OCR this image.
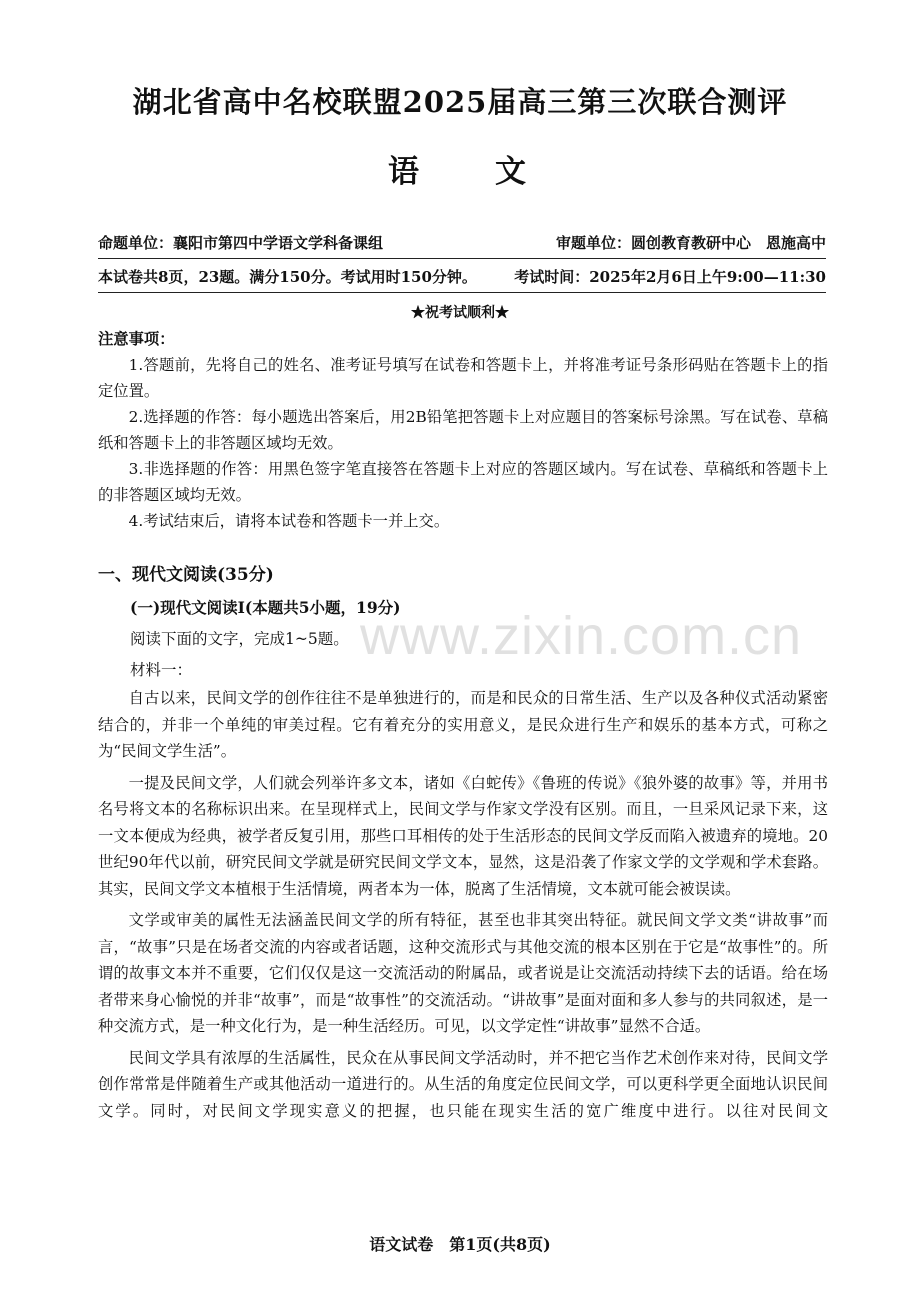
湖北省高中名校联盟2025届高三第三次联合测评
语 文
命题单位：襄阳市第四中学语文学科备课组	审题单位：圆创教育教研中心　恩施高中
本试卷共8页，23题。满分150分。考试用时150分钟。 考试时间：2025年2月6日上午9:00—11:30
★祝考试顺利★
注意事项：

1.答题前，先将自己的姓名、准考证号填写在试卷和答题卡上，并将准考证号条形码贴在答题卡上的指定位置。

2.选择题的作答：每小题选出答案后，用2B铅笔把答题卡上对应题目的答案标号涂黑。写在试卷、草稿纸和答题卡上的非答题区域均无效。

3.非选择题的作答：用黑色签字笔直接答在答题卡上对应的答题区域内。写在试卷、草稿纸和答题卡上的非答题区域均无效。

4.考试结束后，请将本试卷和答题卡一并上交。

一、现代文阅读(35分)
(一)现代文阅读Ⅰ(本题共5小题，19分)
阅读下面的文字，完成1~5题。
材料一：

自古以来，民间文学的创作往往不是单独进行的，而是和民众的日常生活、生产以及各种仪式活动紧密结合的，并非一个单纯的审美过程。它有着充分的实用意义，是民众进行生产和娱乐的基本方式，可称之为“民间文学生活”。

一提及民间文学，人们就会列举许多文本，诸如《白蛇传》《鲁班的传说》《狼外婆的故事》等，并用书名号将文本的名称标识出来。在呈现样式上，民间文学与作家文学没有区别。而且，一旦采风记录下来，这一文本便成为经典，被学者反复引用，那些口耳相传的处于生活形态的民间文学反而陷入被遗弃的境地。20世纪90年代以前，研究民间文学就是研究民间文学文本，显然，这是沿袭了作家文学的文学观和学术套路。其实，民间文学文本植根于生活情境，两者本为一体，脱离了生活情境，文本就可能会被误读。

文学或审美的属性无法涵盖民间文学的所有特征，甚至也非其突出特征。就民间文学文类“讲故事”而言，“故事”只是在场者交流的内容或者话题，这种交流形式与其他交流的根本区别在于它是“故事性”的。所谓的故事文本并不重要，它们仅仅是这一交流活动的附属品，或者说是让交流活动持续下去的话语。给在场者带来身心愉悦的并非“故事”，而是“故事性”的交流活动。“讲故事”是面对面和多人参与的共同叙述，是一种交流方式，是一种文化行为，是一种生活经历。可见，以文学定性“讲故事”显然不合适。

民间文学具有浓厚的生活属性，民众在从事民间文学活动时，并不把它当作艺术创作来对待，民间文学创作常常是伴随着生产或其他活动一道进行的。从生活的角度定位民间文学，可以更科学更全面地认识民间文学。同时，对民间文学现实意义的把握，也只能在现实生活的宽广维度中进行。以往对民间文

www.zixin.com.cn
语文试卷　第1页(共8页)
